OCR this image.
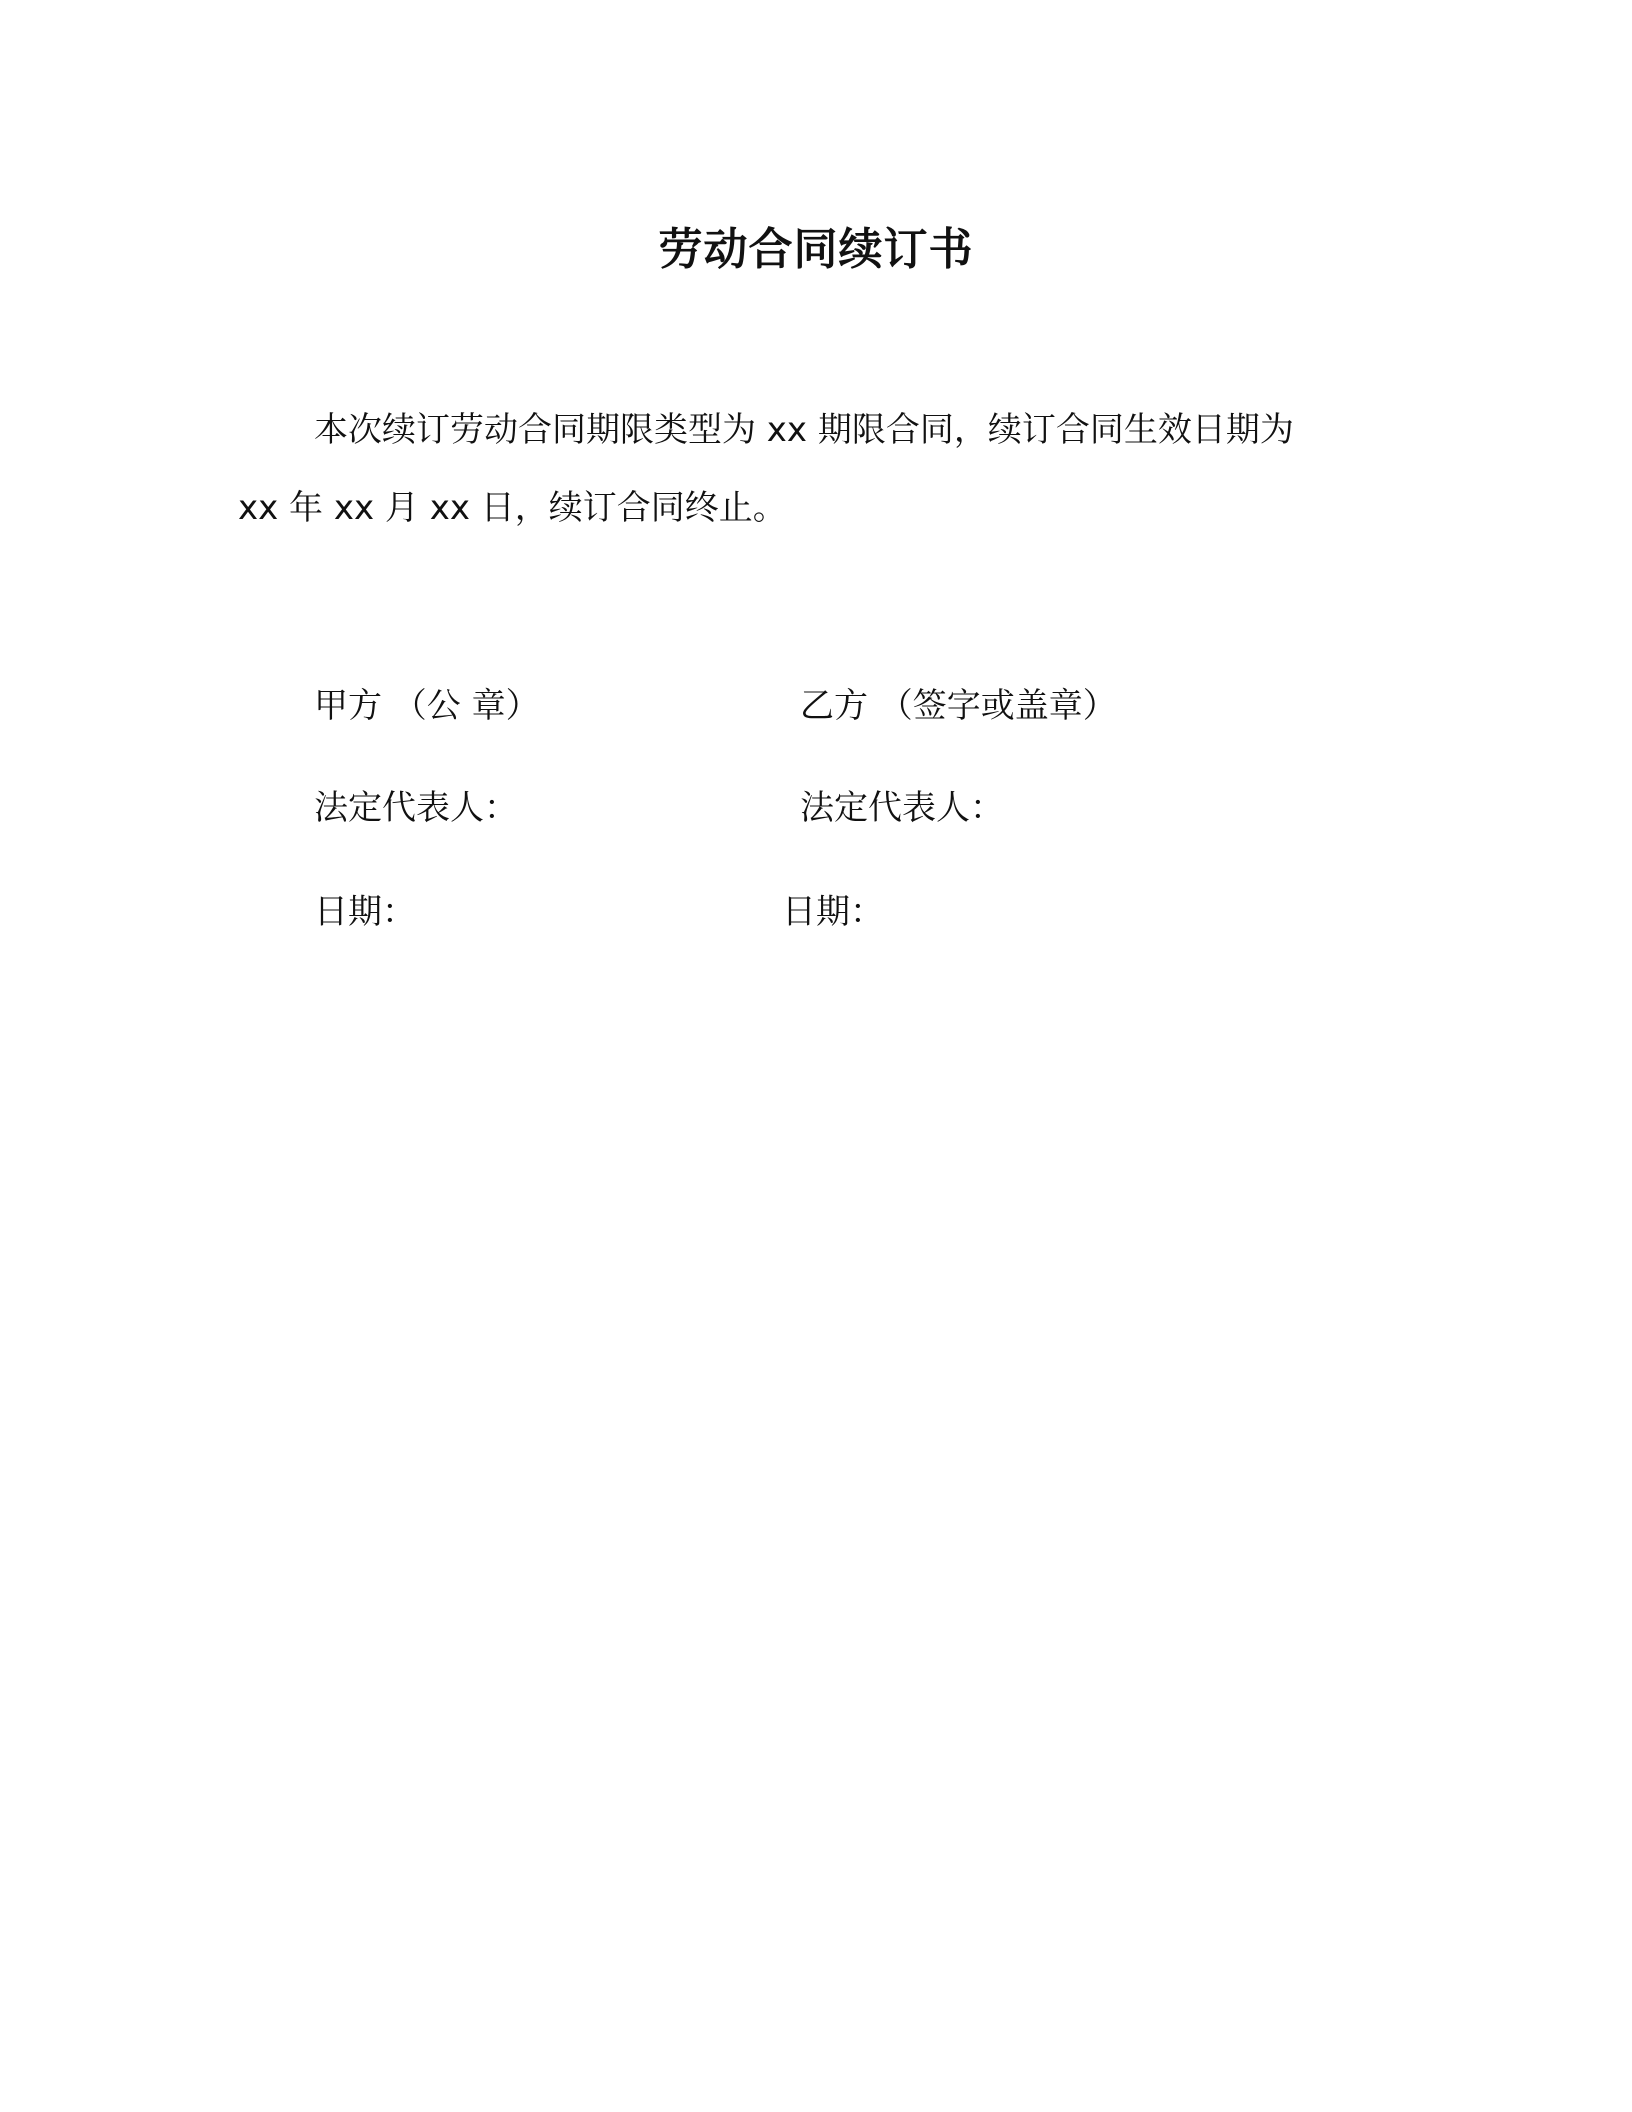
劳动合同续订书
本次续订劳动合同期限类型为 xx 期限合同，续订合同生效日期为
xx 年 xx 月 xx 日，续订合同终止。
甲方 （公 章）
法定代表人：
日期：
乙方 （签字或盖章）
法定代表人：
日期：
